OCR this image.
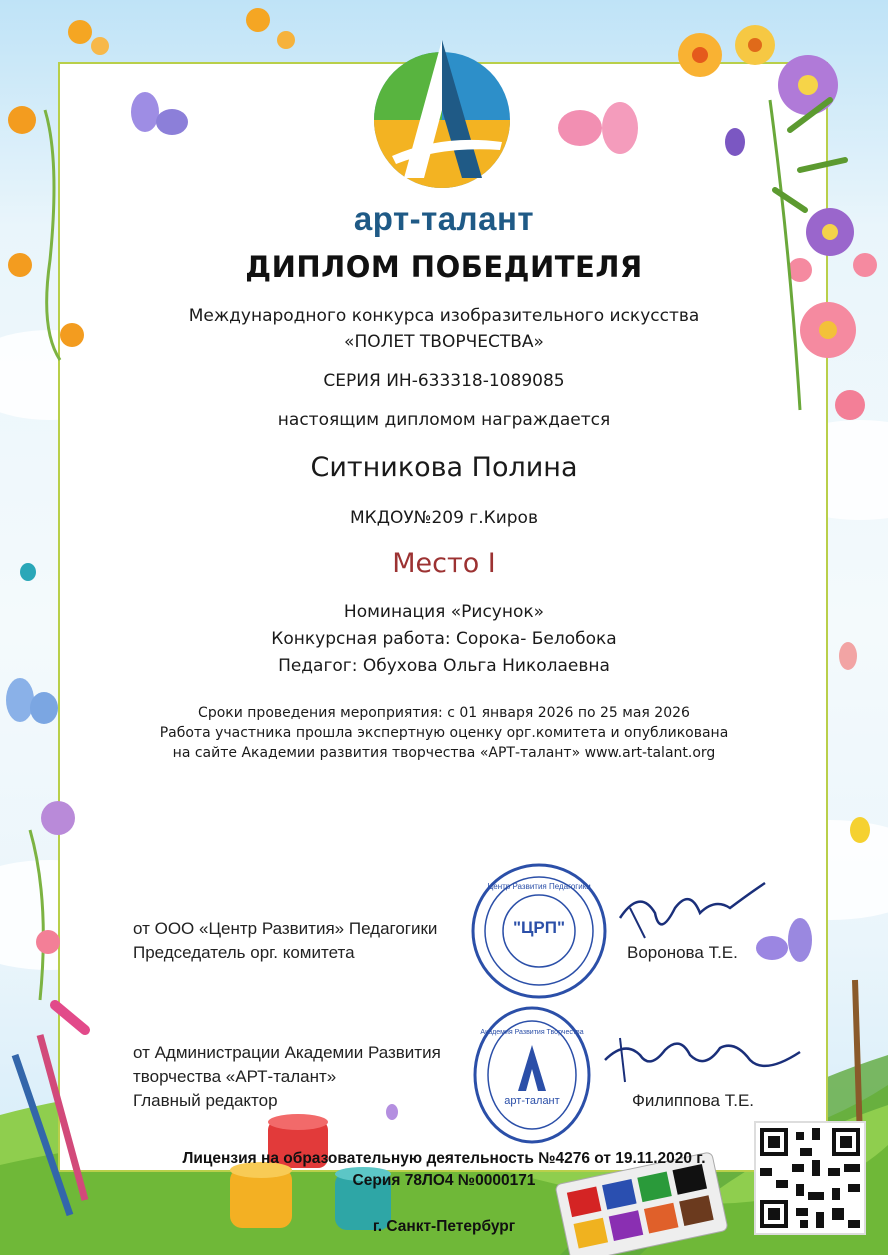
арт-талант
ДИПЛОМ ПОБЕДИТЕЛЯ
Международного конкурса изобразительного искусства
«ПОЛЕТ ТВОРЧЕСТВА»
СЕРИЯ ИН-633318-1089085
настоящим дипломом награждается
Ситникова Полина
МКДОУ№209 г.Киров
Место I
Номинация «Рисунок»
Конкурсная работа: Сорока- Белобока
Педагог: Обухова Ольга Николаевна
Сроки проведения мероприятия: с 01 января 2026 по 25 мая 2026
Работа участника прошла экспертную оценку орг.комитета и опубликована
на сайте Академии развития творчества «АРТ-талант» www.art-talant.org
от ООО «Центр Развития» Педагогики
Председатель орг. комитета	Воронова Т.Е.
"ЦРП"
Центр Развития Педагогики
от Администрации Академии Развития
творчества «АРТ-талант»
Главный редактор	Филиппова Т.Е.
арт-талант
Академия Развития Творчества
Лицензия на образовательную деятельность №4276 от 19.11.2020 г.
Серия 78ЛО4 №0000171
г. Санкт-Петербург
